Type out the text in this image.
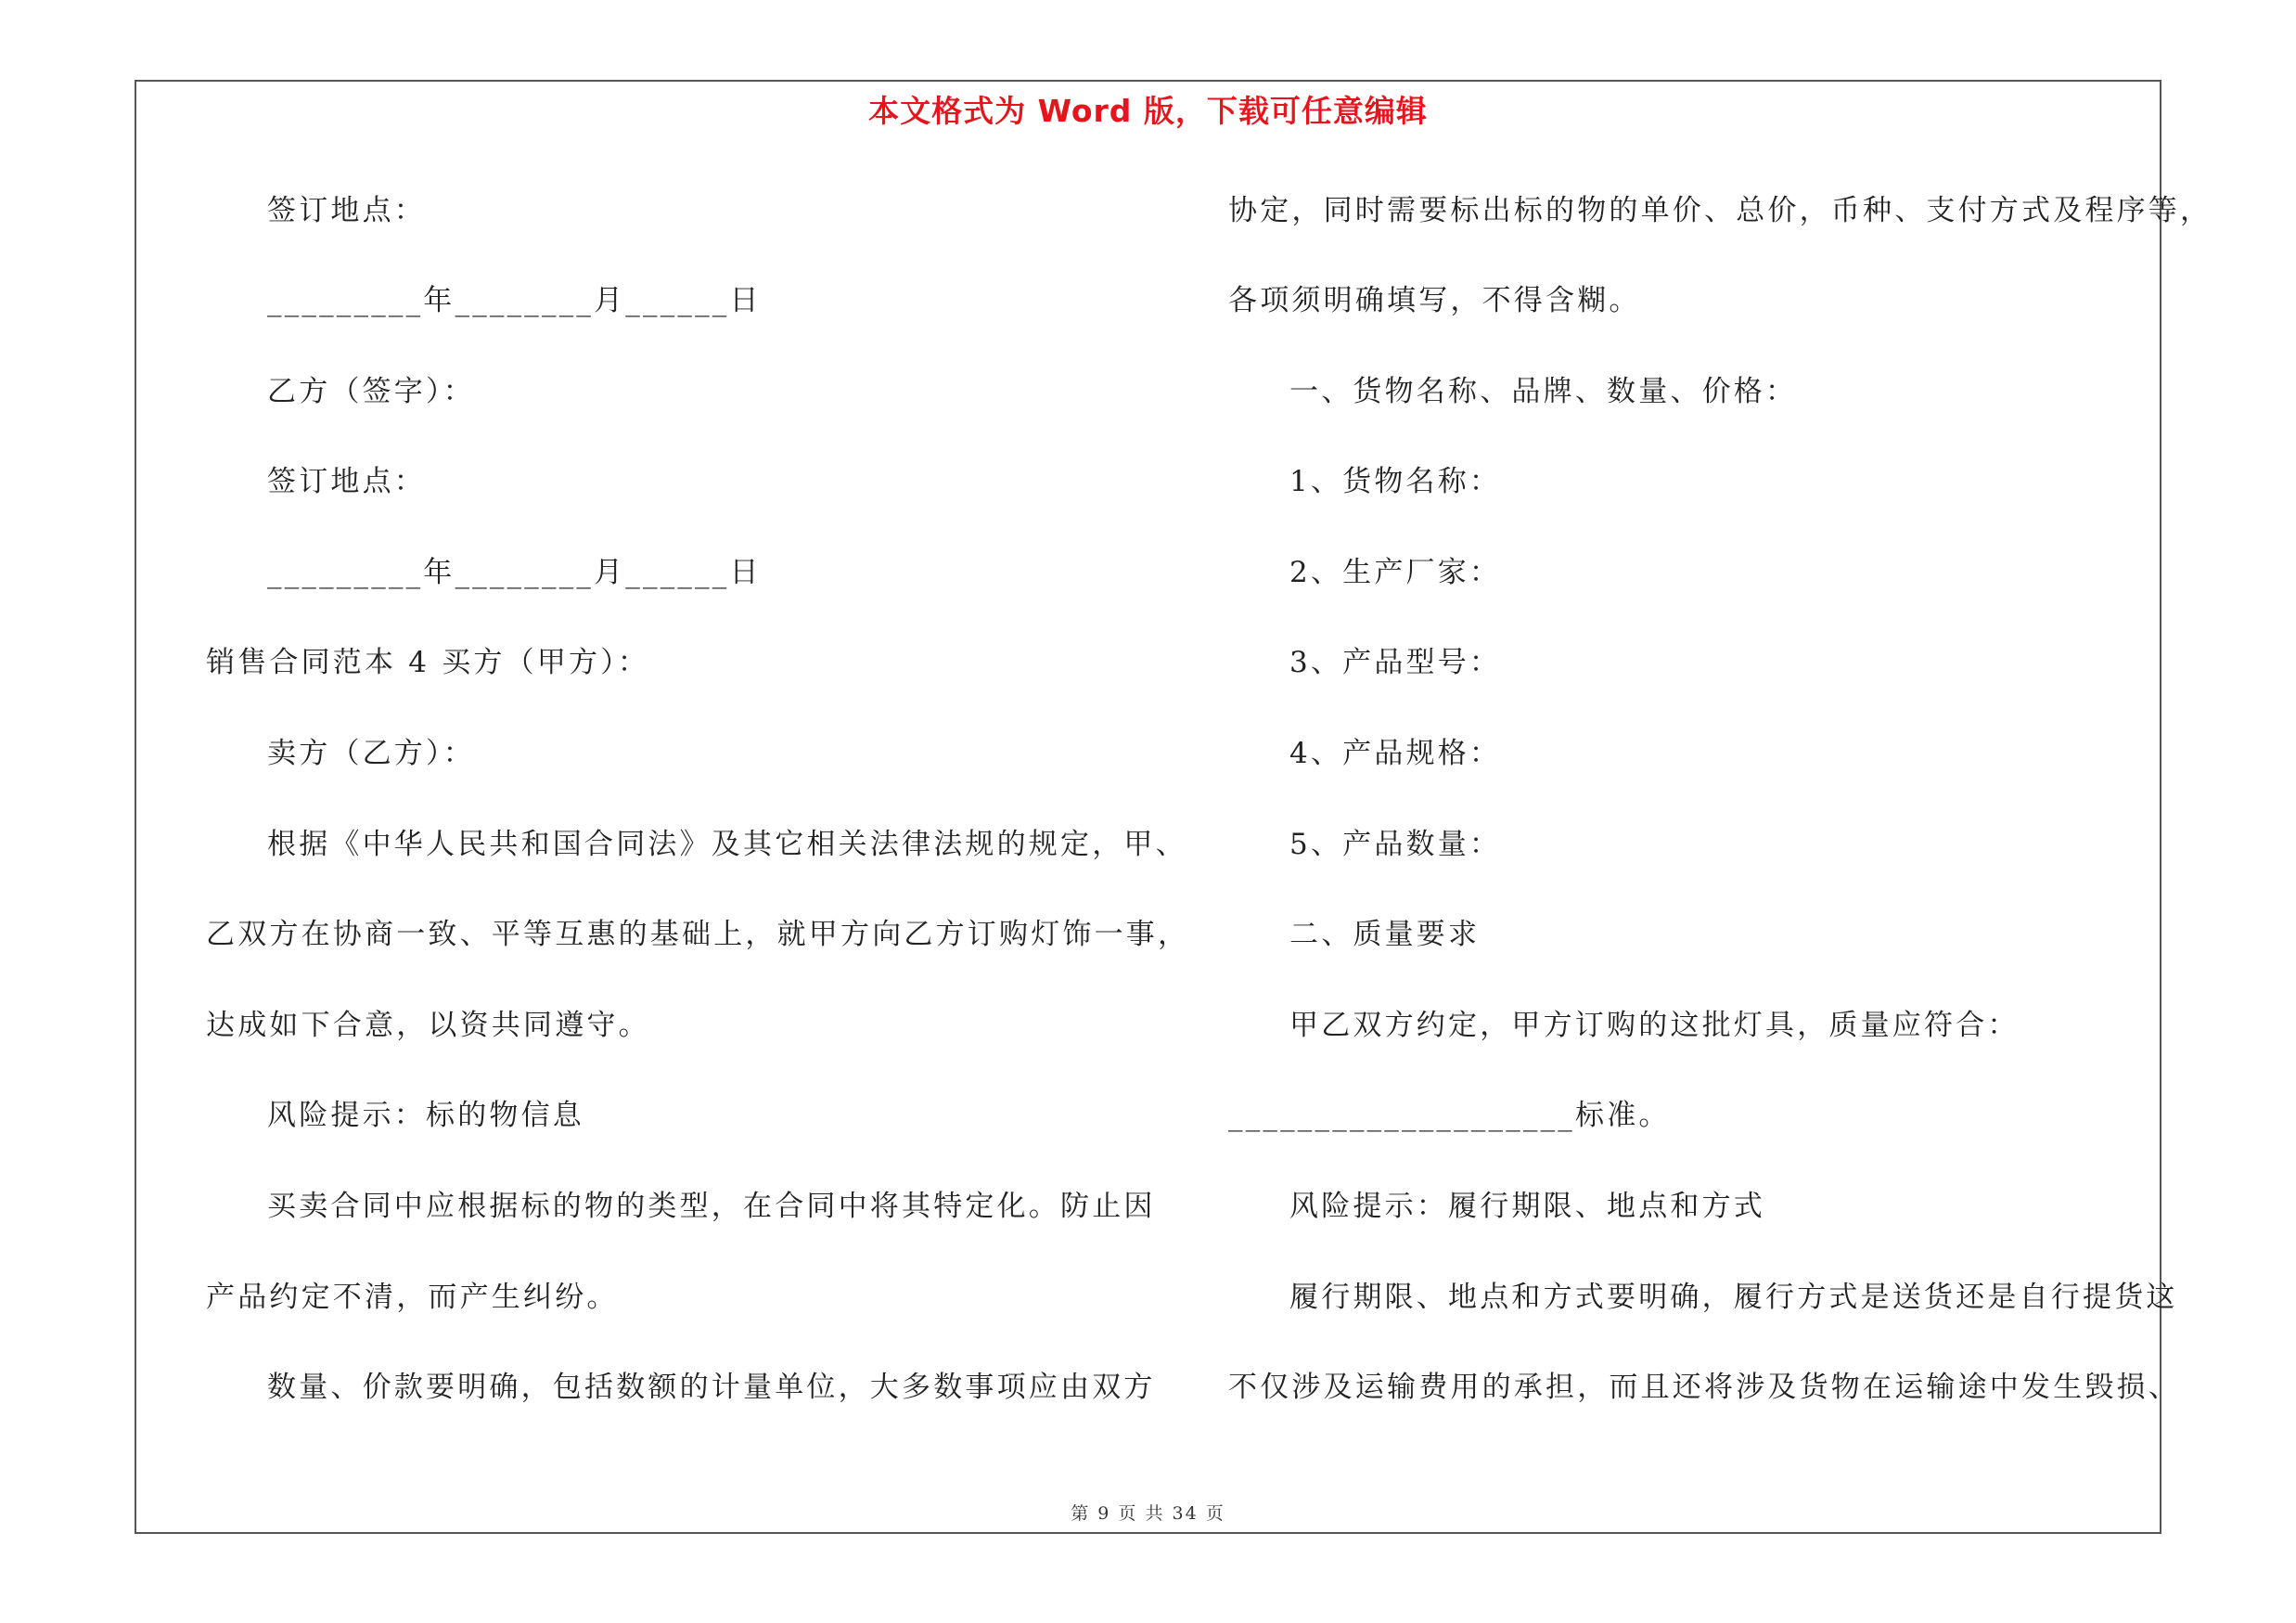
本文格式为 Word 版，下载可任意编辑
签订地点：
_________年________月______日
乙方（签字）：
签订地点：
_________年________月______日
销售合同范本 4 买方（甲方）：
卖方（乙方）：
根据《中华人民共和国合同法》及其它相关法律法规的规定，甲、
乙双方在协商一致、平等互惠的基础上，就甲方向乙方订购灯饰一事，
达成如下合意，以资共同遵守。
风险提示：标的物信息
买卖合同中应根据标的物的类型，在合同中将其特定化。防止因
产品约定不清，而产生纠纷。
数量、价款要明确，包括数额的计量单位，大多数事项应由双方
协定，同时需要标出标的物的单价、总价，币种、支付方式及程序等，
各项须明确填写，不得含糊。
一、货物名称、品牌、数量、价格：
1、货物名称：
2、生产厂家：
3、产品型号：
4、产品规格：
5、产品数量：
二、质量要求
甲乙双方约定，甲方订购的这批灯具，质量应符合：
____________________标准。
风险提示：履行期限、地点和方式
履行期限、地点和方式要明确，履行方式是送货还是自行提货这
不仅涉及运输费用的承担，而且还将涉及货物在运输途中发生毁损、
第 9 页 共 34 页
